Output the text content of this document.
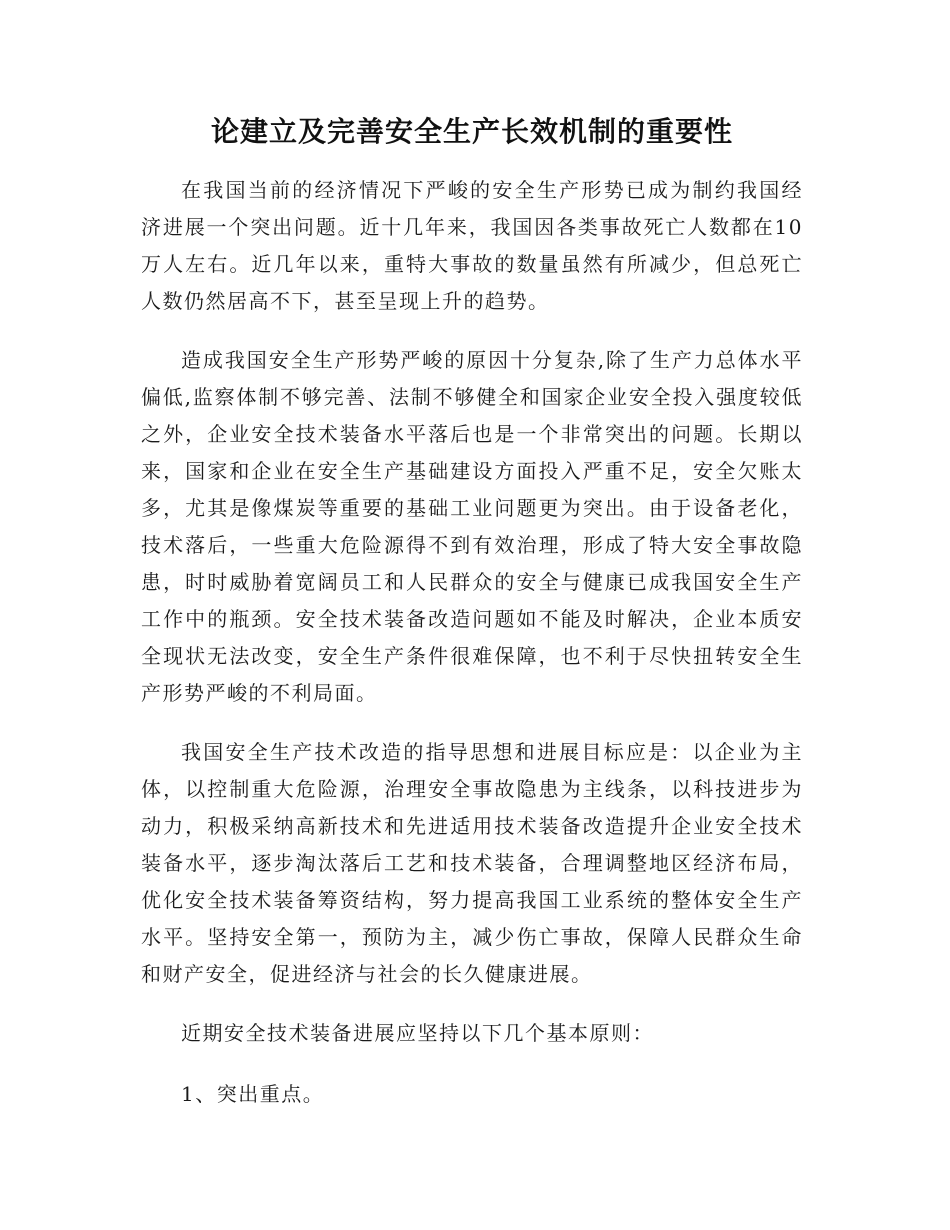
论建立及完善安全生产长效机制的重要性

在我国当前的经济情况下严峻的安全生产形势已成为制约我国经济进展一个突出问题。近十几年来，我国因各类事故死亡人数都在10万人左右。近几年以来，重特大事故的数量虽然有所减少，但总死亡人数仍然居高不下，甚至呈现上升的趋势。

造成我国安全生产形势严峻的原因十分复杂,除了生产力总体水平偏低,监察体制不够完善、法制不够健全和国家企业安全投入强度较低之外，企业安全技术装备水平落后也是一个非常突出的问题。长期以来，国家和企业在安全生产基础建设方面投入严重不足，安全欠账太多，尤其是像煤炭等重要的基础工业问题更为突出。由于设备老化，技术落后，一些重大危险源得不到有效治理，形成了特大安全事故隐患，时时威胁着宽阔员工和人民群众的安全与健康已成我国安全生产工作中的瓶颈。安全技术装备改造问题如不能及时解决，企业本质安全现状无法改变，安全生产条件很难保障，也不利于尽快扭转安全生产形势严峻的不利局面。

我国安全生产技术改造的指导思想和进展目标应是：以企业为主体，以控制重大危险源，治理安全事故隐患为主线条，以科技进步为动力，积极采纳高新技术和先进适用技术装备改造提升企业安全技术装备水平，逐步淘汰落后工艺和技术装备，合理调整地区经济布局，优化安全技术装备筹资结构，努力提高我国工业系统的整体安全生产水平。坚持安全第一，预防为主，减少伤亡事故，保障人民群众生命和财产安全，促进经济与社会的长久健康进展。

近期安全技术装备进展应坚持以下几个基本原则：

1、突出重点。
